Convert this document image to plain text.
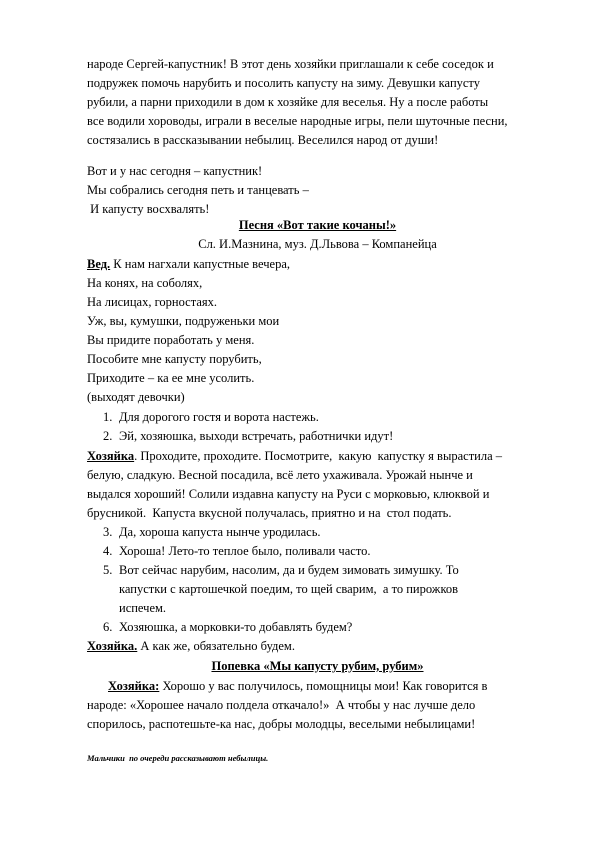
народе Сергей-капустник! В этот день хозяйки приглашали к себе соседок и
подружек помочь нарубить и посолить капусту на зиму. Девушки капусту
рубили, а парни приходили в дом к хозяйке для веселья. Ну а после работы
все водили хороводы, играли в веселые народные игры, пели шуточные песни,
состязались в рассказывании небылиц. Веселился народ от души!
Вот и у нас сегодня – капустник!
Мы собрались сегодня петь и танцевать –
И капусту восхвалять!
Песня «Вот такие кочаны!»
Сл. И.Мазнина, муз. Д.Львова – Компанейца
Вед. К нам нагхали капустные вечера,
На конях, на соболях,
На лисицах, горностаях.
Уж, вы, кумушки, подруженьки мои
Вы придите поработать у меня.
Пособите мне капусту порубить,
Приходите – ка ее мне усолить.
(выходят девочки)
1. Для дорогого гостя и ворота настежь.
2. Эй, хозяюшка, выходи встречать, работнички идут!
Хозяйка. Проходите, проходите. Посмотрите,  какую  капустку я вырастила –
белую, сладкую. Весной посадила, всё лето ухаживала. Урожай нынче и
выдался хороший! Солили издавна капусту на Руси с морковью, клюквой и
брусникой.  Капуста вкусной получалась, приятно и на  стол подать.
3. Да, хороша капуста нынче уродилась.
4. Хороша! Лето-то теплое было, поливали часто.
5. Вот сейчас нарубим, насолим, да и будем зимовать зимушку. То
капустки с картошечкой поедим, то щей сварим,  а то пирожков
испечем.
6. Хозяюшка, а морковки-то добавлять будем?
Хозяйка. А как же, обязательно будем.
Попевка «Мы капусту рубим, рубим»
Хозяйка: Хорошо у вас получилось, помощницы мои! Как говорится в
народе: «Хорошее начало полдела откачало!»  А чтобы у нас лучше дело
спорилось, распотешьте-ка нас, добры молодцы, веселыми небылицами!
Мальчики  по очереди рассказывают небылицы.
